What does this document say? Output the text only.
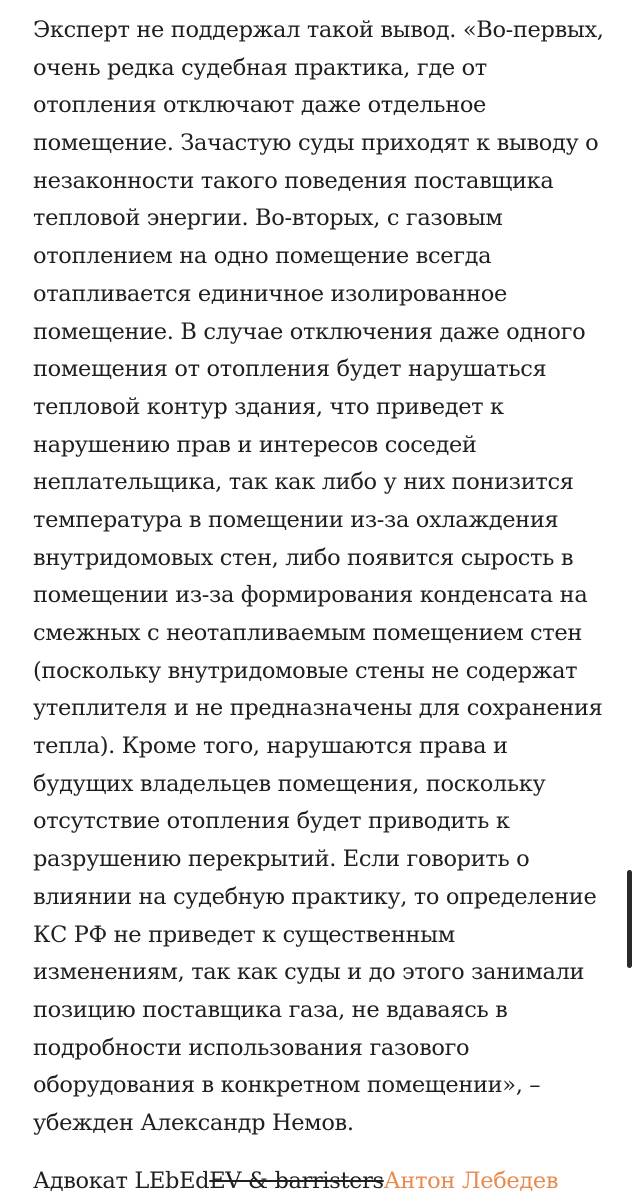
Эксперт не поддержал такой вывод. «Во-первых,
очень редка судебная практика, где от
отопления отключают даже отдельное
помещение. Зачастую суды приходят к выводу о
незаконности такого поведения поставщика
тепловой энергии. Во-вторых, с газовым
отоплением на одно помещение всегда
отапливается единичное изолированное
помещение. В случае отключения даже одного
помещения от отопления будет нарушаться
тепловой контур здания, что приведет к
нарушению прав и интересов соседей
неплательщика, так как либо у них понизится
температура в помещении из-за охлаждения
внутридомовых стен, либо появится сырость в
помещении из-за формирования конденсата на
смежных с неотапливаемым помещением стен
(поскольку внутридомовые стены не содержат
утеплителя и не предназначены для сохранения
тепла). Кроме того, нарушаются права и
будущих владельцев помещения, поскольку
отсутствие отопления будет приводить к
разрушению перекрытий. Если говорить о
влиянии на судебную практику, то определение
КС РФ не приведет к существенным
изменениям, так как суды и до этого занимали
позицию поставщика газа, не вдаваясь в
подробности использования газового
оборудования в конкретном помещении», –
убежден Александр Немов.
Адвокат LEbEdEV & barristersАнтон Лебедев
